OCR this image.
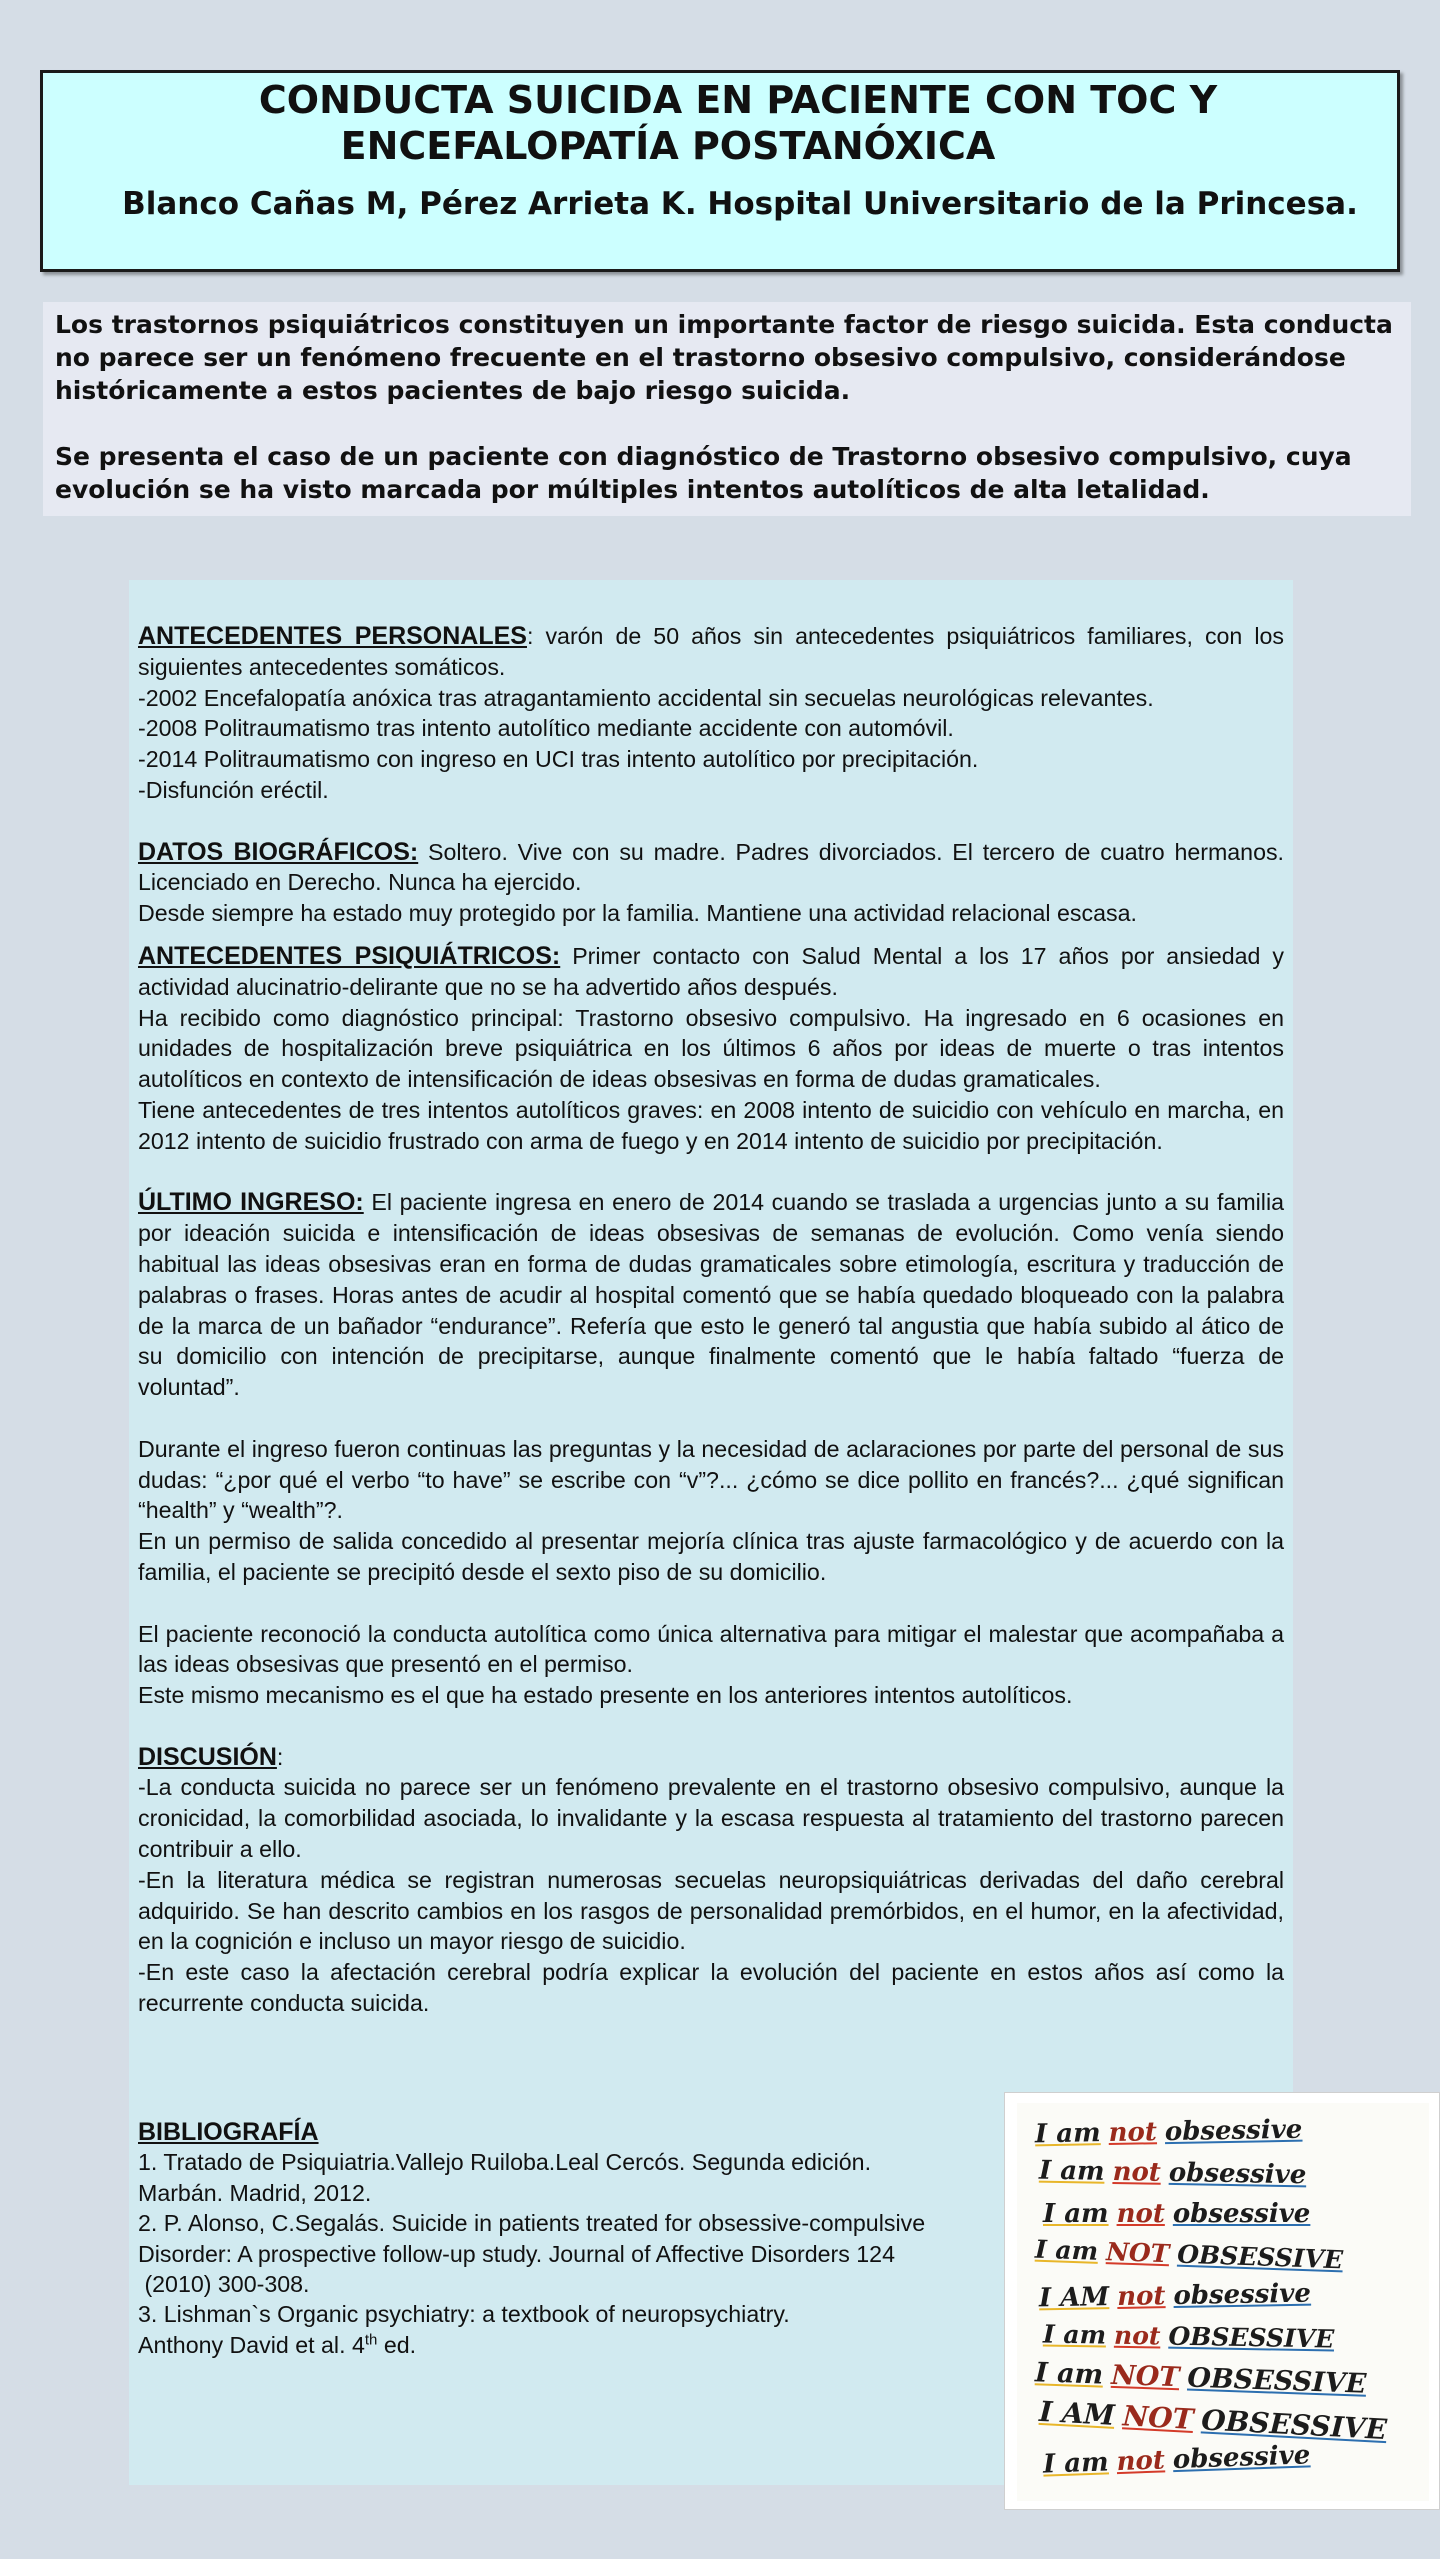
CONDUCTA SUICIDA EN PACIENTE CON TOC Y
ENCEFALOPATÍA POSTANÓXICA
Blanco Cañas M, Pérez Arrieta K. Hospital Universitario de la Princesa.

Los trastornos psiquiátricos constituyen un importante factor de riesgo suicida. Esta conducta no parece ser un fenómeno frecuente en el trastorno obsesivo compulsivo, considerándose históricamente a estos pacientes de bajo riesgo suicida.

Se presenta el caso de un paciente con diagnóstico de Trastorno obsesivo compulsivo, cuya evolución se ha visto marcada por múltiples intentos autolíticos de alta letalidad.

ANTECEDENTES PERSONALES: varón de 50 años sin antecedentes psiquiátricos familiares, con los siguientes antecedentes somáticos.

-2002 Encefalopatía anóxica tras atragantamiento accidental sin secuelas neurológicas relevantes.

-2008 Politraumatismo tras intento autolítico mediante accidente con automóvil.

-2014 Politraumatismo con ingreso en UCI tras intento autolítico por precipitación.

-Disfunción eréctil.

DATOS BIOGRÁFICOS: Soltero. Vive con su madre. Padres divorciados. El tercero de cuatro hermanos. Licenciado en Derecho. Nunca ha ejercido.

Desde siempre ha estado muy protegido por la familia. Mantiene una actividad relacional escasa.

ANTECEDENTES PSIQUIÁTRICOS: Primer contacto con Salud Mental a los 17 años por ansiedad y actividad alucinatrio-delirante que no se ha advertido años después.

Ha recibido como diagnóstico principal: Trastorno obsesivo compulsivo. Ha ingresado en 6 ocasiones en unidades de hospitalización breve psiquiátrica en los últimos 6 años por ideas de muerte o tras intentos autolíticos en contexto de intensificación de ideas obsesivas en forma de dudas gramaticales.

Tiene antecedentes de tres intentos autolíticos graves: en 2008 intento de suicidio con vehículo en marcha, en 2012 intento de suicidio frustrado con arma de fuego y en 2014 intento de suicidio por precipitación.

ÚLTIMO INGRESO: El paciente ingresa en enero de 2014 cuando se traslada a urgencias junto a su familia por ideación suicida e intensificación de ideas obsesivas de semanas de evolución. Como venía siendo habitual las ideas obsesivas eran en forma de dudas gramaticales sobre etimología, escritura y traducción de palabras o frases. Horas antes de acudir al hospital comentó que se había quedado bloqueado con la palabra de la marca de un bañador “endurance”. Refería que esto le generó tal angustia que había subido al ático de su domicilio con intención de precipitarse, aunque finalmente comentó que le había faltado “fuerza de voluntad”.

Durante el ingreso fueron continuas las preguntas y la necesidad de aclaraciones por parte del personal de sus dudas: “¿por qué el verbo “to have” se escribe con “v”?... ¿cómo se dice pollito en francés?... ¿qué significan “health” y “wealth”?.

En un permiso de salida concedido al presentar mejoría clínica tras ajuste farmacológico y de acuerdo con la familia, el paciente se precipitó desde el sexto piso de su domicilio.

El paciente reconoció la conducta autolítica como única alternativa para mitigar el malestar que acompañaba a las ideas obsesivas que presentó en el permiso.

Este mismo mecanismo es el que ha estado presente en los anteriores intentos autolíticos.

DISCUSIÓN:

-La conducta suicida no parece ser un fenómeno prevalente en el trastorno obsesivo compulsivo, aunque la cronicidad, la comorbilidad asociada, lo invalidante y la escasa respuesta al tratamiento del trastorno parecen contribuir a ello.

-En la literatura médica se registran numerosas secuelas neuropsiquiátricas derivadas del daño cerebral adquirido. Se han descrito cambios en los rasgos de personalidad premórbidos, en el humor, en la afectividad, en la cognición e incluso un mayor riesgo de suicidio.

-En este caso la afectación cerebral podría explicar la evolución del paciente en estos años así como la recurrente conducta suicida.

BIBLIOGRAFÍA
1. Tratado de Psiquiatria.Vallejo Ruiloba.Leal Cercós. Segunda edición.
Marbán. Madrid, 2012.
2. P. Alonso, C.Segalás. Suicide in patients treated for obsessive-compulsive
Disorder: A prospective follow-up study. Journal of Affective Disorders 124
(2010) 300-308.
3. Lishman`s Organic psychiatry: a textbook of neuropsychiatry.
Anthony David et al. 4th ed.
I am not obsessive
I am not obsessive
I am not obsessive
I am NOT OBSESSIVE
I AM not obsessive
I am not OBSESSIVE
I am NOT OBSESSIVE
I AM NOT OBSESSIVE
I am not obsessive
